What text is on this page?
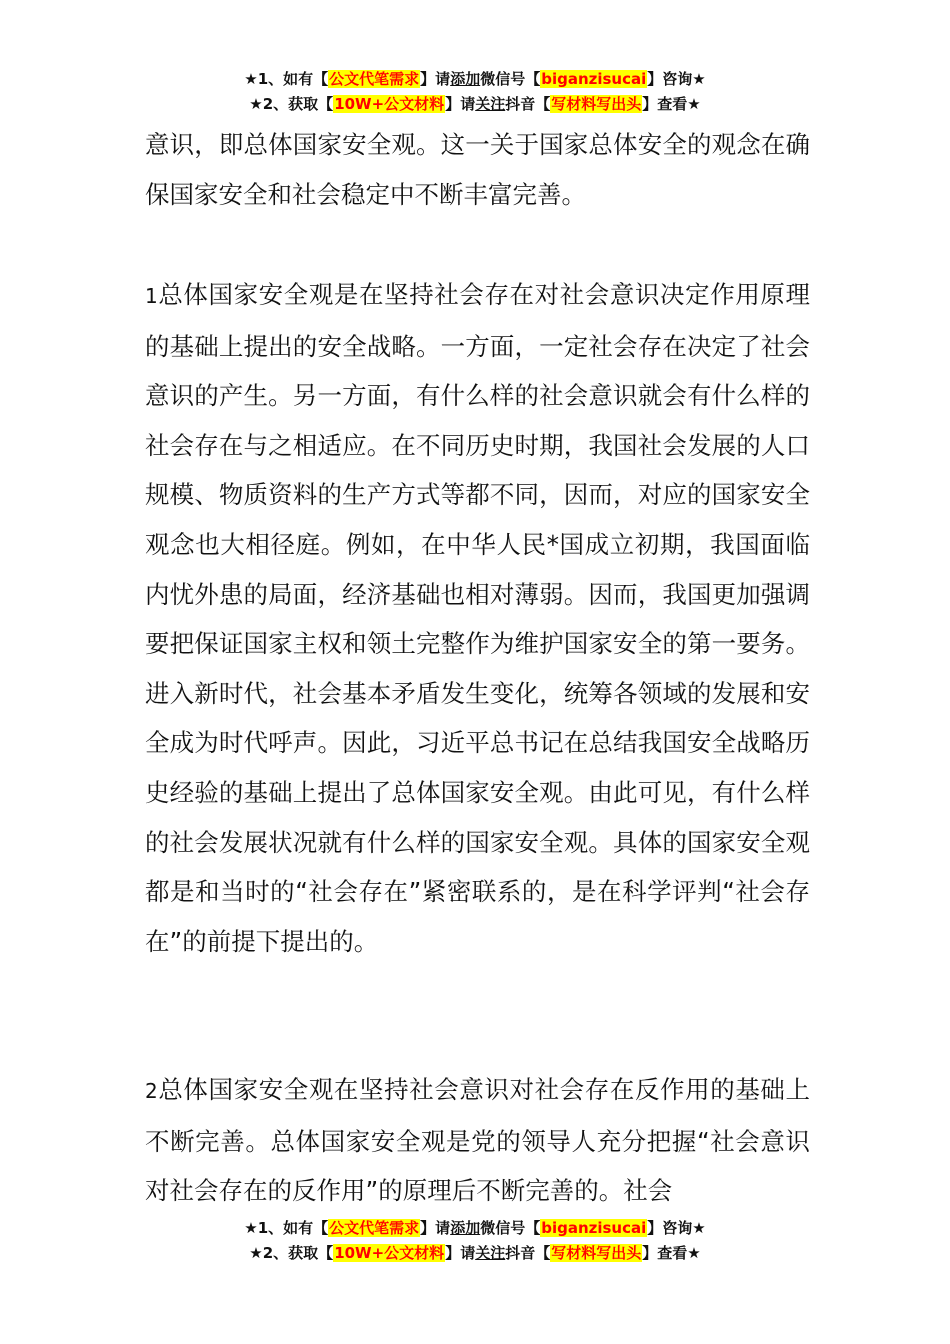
★1、如有【公文代笔需求】请添加微信号【biganzisucai】咨询★
★2、获取【10W+公文材料】请关注抖音【写材料写出头】查看★

意识，即总体国家安全观。这一关于国家总体安全的观念在确保国家安全和社会稳定中不断丰富完善。

1总体国家安全观是在坚持社会存在对社会意识决定作用原理的基础上提出的安全战略。一方面，一定社会存在决定了社会意识的产生。另一方面，有什么样的社会意识就会有什么样的社会存在与之相适应。在不同历史时期，我国社会发展的人口规模、物质资料的生产方式等都不同，因而，对应的国家安全观念也大相径庭。例如，在中华人民*国成立初期，我国面临内忧外患的局面，经济基础也相对薄弱。因而，我国更加强调要把保证国家主权和领土完整作为维护国家安全的第一要务。进入新时代，社会基本矛盾发生变化，统筹各领域的发展和安全成为时代呼声。因此，习近平总书记在总结我国安全战略历史经验的基础上提出了总体国家安全观。由此可见，有什么样的社会发展状况就有什么样的国家安全观。具体的国家安全观都是和当时的“社会存在”紧密联系的，是在科学评判“社会存在”的前提下提出的。

2总体国家安全观在坚持社会意识对社会存在反作用的基础上不断完善。总体国家安全观是党的领导人充分把握“社会意识对社会存在的反作用”的原理后不断完善的。社会

★1、如有【公文代笔需求】请添加微信号【biganzisucai】咨询★
★2、获取【10W+公文材料】请关注抖音【写材料写出头】查看★
